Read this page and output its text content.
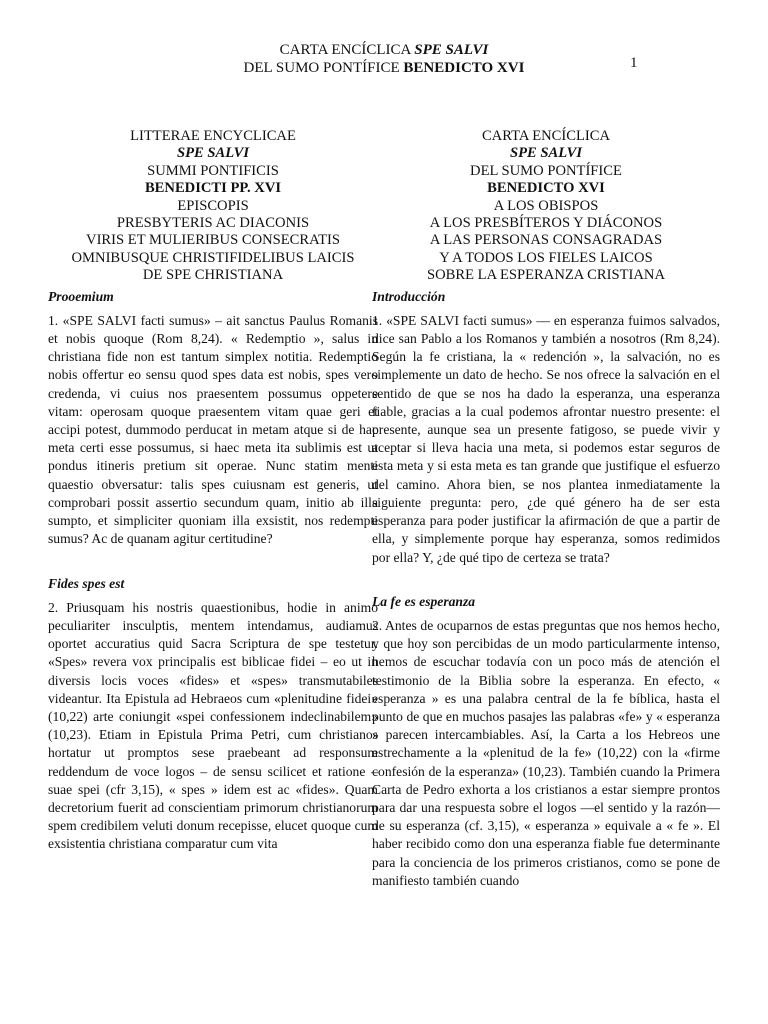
CARTA ENCÍCLICA SPE SALVI
DEL SUMO PONTÍFICE BENEDICTO XVI	1
LITTERAE ENCYCLICAE
SPE SALVI
SUMMI PONTIFICIS
BENEDICTI PP. XVI
EPISCOPIS
PRESBYTERIS AC DIACONIS
VIRIS ET MULIERIBUS CONSECRATIS
OMNIBUSQUE CHRISTIFIDELIBUS LAICIS
DE SPE CHRISTIANA

Prooemium

1. «SPE SALVI facti sumus» – ait sanctus Paulus Romanis et nobis quoque (Rom 8,24). « Redemptio », salus in christiana fide non est tantum simplex notitia. Redemptio nobis offertur eo sensu quod spes data est nobis, spes vero credenda, vi cuius nos praesentem possumus oppetere vitam: operosam quoque praesentem vitam quae geri et accipi potest, dummodo perducat in metam atque si de hac meta certi esse possumus, si haec meta ita sublimis est ut pondus itineris pretium sit operae. Nunc statim menti quaestio obversatur: talis spes cuiusnam est generis, ut comprobari possit assertio secundum quam, initio ab illa sumpto, et simpliciter quoniam illa exsistit, nos redempti sumus? Ac de quanam agitur certitudine?

Fides spes est

2. Priusquam his nostris quaestionibus, hodie in animo peculiariter insculptis, mentem intendamus, audiamus oportet accuratius quid Sacra Scriptura de spe testetur. «Spes» revera vox principalis est biblicae fidei – eo ut in diversis locis voces «fides» et «spes» transmutabiles videantur. Ita Epistula ad Hebraeos cum «plenitudine fidei» (10,22) arte coniungit «spei confessionem indeclinabilem» (10,23). Etiam in Epistula Prima Petri, cum christianos hortatur ut promptos sese praebeant ad responsum reddendum de voce logos – de sensu scilicet et ratione – suae spei (cfr 3,15), « spes » idem est ac «fides». Quam decretorium fuerit ad conscientiam primorum christianorum spem credibilem veluti donum recepisse, elucet quoque cum exsistentia christiana comparatur cum vita

CARTA ENCÍCLICA
SPE SALVI
DEL SUMO PONTÍFICE
BENEDICTO XVI
A LOS OBISPOS
A LOS PRESBÍTEROS Y DIÁCONOS
A LAS PERSONAS CONSAGRADAS
Y A TODOS LOS FIELES LAICOS
SOBRE LA ESPERANZA CRISTIANA

Introducción

1. «SPE SALVI facti sumus» — en esperanza fuimos salvados, dice san Pablo a los Romanos y también a nosotros (Rm 8,24). Según la fe cristiana, la « redención », la salvación, no es simplemente un dato de hecho. Se nos ofrece la salvación en el sentido de que se nos ha dado la esperanza, una esperanza fiable, gracias a la cual podemos afrontar nuestro presente: el presente, aunque sea un presente fatigoso, se puede vivir y aceptar si lleva hacia una meta, si podemos estar seguros de esta meta y si esta meta es tan grande que justifique el esfuerzo del camino. Ahora bien, se nos plantea inmediatamente la siguiente pregunta: pero, ¿de qué género ha de ser esta esperanza para poder justificar la afirmación de que a partir de ella, y simplemente porque hay esperanza, somos redimidos por ella? Y, ¿de qué tipo de certeza se trata?

La fe es esperanza

2. Antes de ocuparnos de estas preguntas que nos hemos hecho, y que hoy son percibidas de un modo particularmente intenso, hemos de escuchar todavía con un poco más de atención el testimonio de la Biblia sobre la esperanza. En efecto, « esperanza » es una palabra central de la fe bíblica, hasta el punto de que en muchos pasajes las palabras «fe» y « esperanza » parecen intercambiables. Así, la Carta a los Hebreos une estrechamente a la «plenitud de la fe» (10,22) con la «firme confesión de la esperanza» (10,23). También cuando la Primera Carta de Pedro exhorta a los cristianos a estar siempre prontos para dar una respuesta sobre el logos —el sentido y la razón— de su esperanza (cf. 3,15), « esperanza » equivale a « fe ». El haber recibido como don una esperanza fiable fue determinante para la conciencia de los primeros cristianos, como se pone de manifiesto también cuando
